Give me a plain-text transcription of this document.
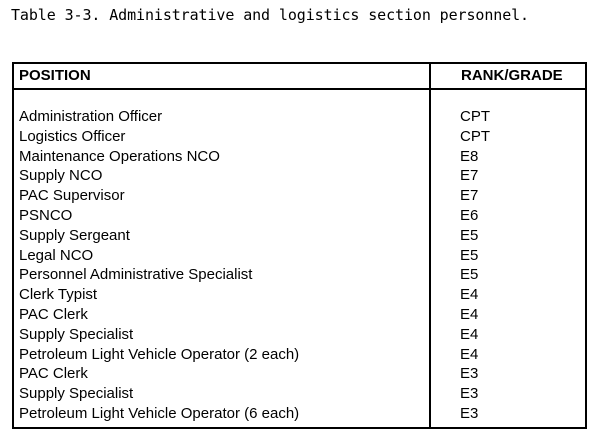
Table 3-3. Administrative and logistics section personnel.
POSITION	RANK/GRADE
Administration Officer	CPT
Logistics Officer	CPT
Maintenance Operations NCO	E8
Supply NCO	E7
PAC Supervisor	E7
PSNCO	E6
Supply Sergeant	E5
Legal NCO	E5
Personnel Administrative Specialist	E5
Clerk Typist	E4
PAC Clerk	E4
Supply Specialist	E4
Petroleum Light Vehicle Operator (2 each)	E4
PAC Clerk	E3
Supply Specialist	E3
Petroleum Light Vehicle Operator (6 each)	E3
